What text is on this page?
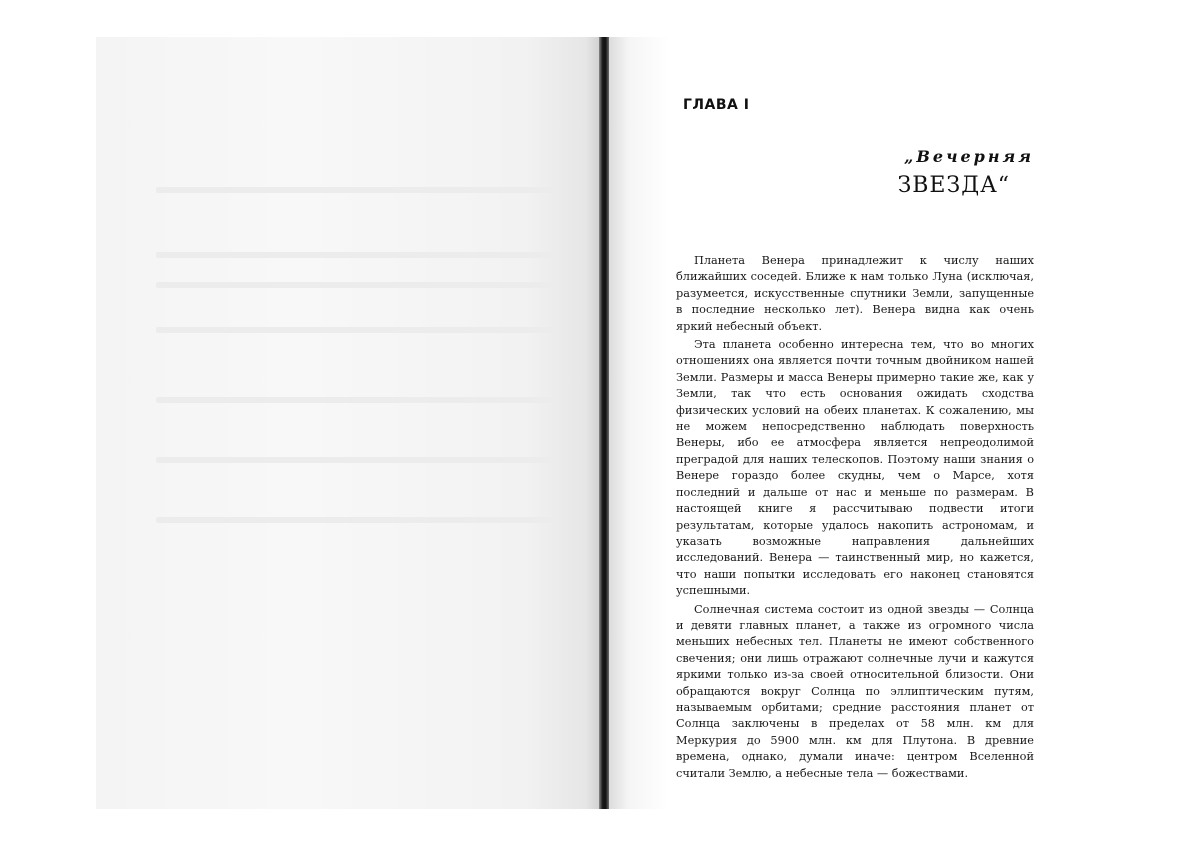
ГЛАВА I
„Вечерняя
ЗВЕЗДА“

Планета Венера принадлежит к числу наших ближайших соседей. Ближе к нам только Луна (исключая, разумеется, искусственные спутники Земли, запущенные в последние несколько лет). Венера видна как очень яркий небесный объект.

Эта планета особенно интересна тем, что во многих отношениях она является почти точным двойником нашей Земли. Размеры и масса Венеры примерно такие же, как у Земли, так что есть основания ожидать сходства физических условий на обеих планетах. К сожалению, мы не можем непосредственно наблюдать поверхность Венеры, ибо ее атмосфера является непреодолимой преградой для наших телескопов. Поэтому наши знания о Венере гораздо более скудны, чем о Марсе, хотя последний и дальше от нас и меньше по размерам. В настоящей книге я рассчитываю подвести итоги результатам, которые удалось накопить астрономам, и указать возможные направления дальнейших исследований. Венера — таинственный мир, но кажется, что наши попытки исследовать его наконец становятся успешными.

Солнечная система состоит из одной звезды — Солнца и девяти главных планет, а также из огромного числа меньших небесных тел. Планеты не имеют собственного свечения; они лишь отражают солнечные лучи и кажутся яркими только из-за своей относительной близости. Они обращаются вокруг Солнца по эллиптическим путям, называемым орбитами; средние расстояния планет от Солнца заключены в пределах от 58 млн. км для Меркурия до 5900 млн. км для Плутона. В древние времена, однако, думали иначе: центром Вселенной считали Землю, а небесные тела — божествами.
